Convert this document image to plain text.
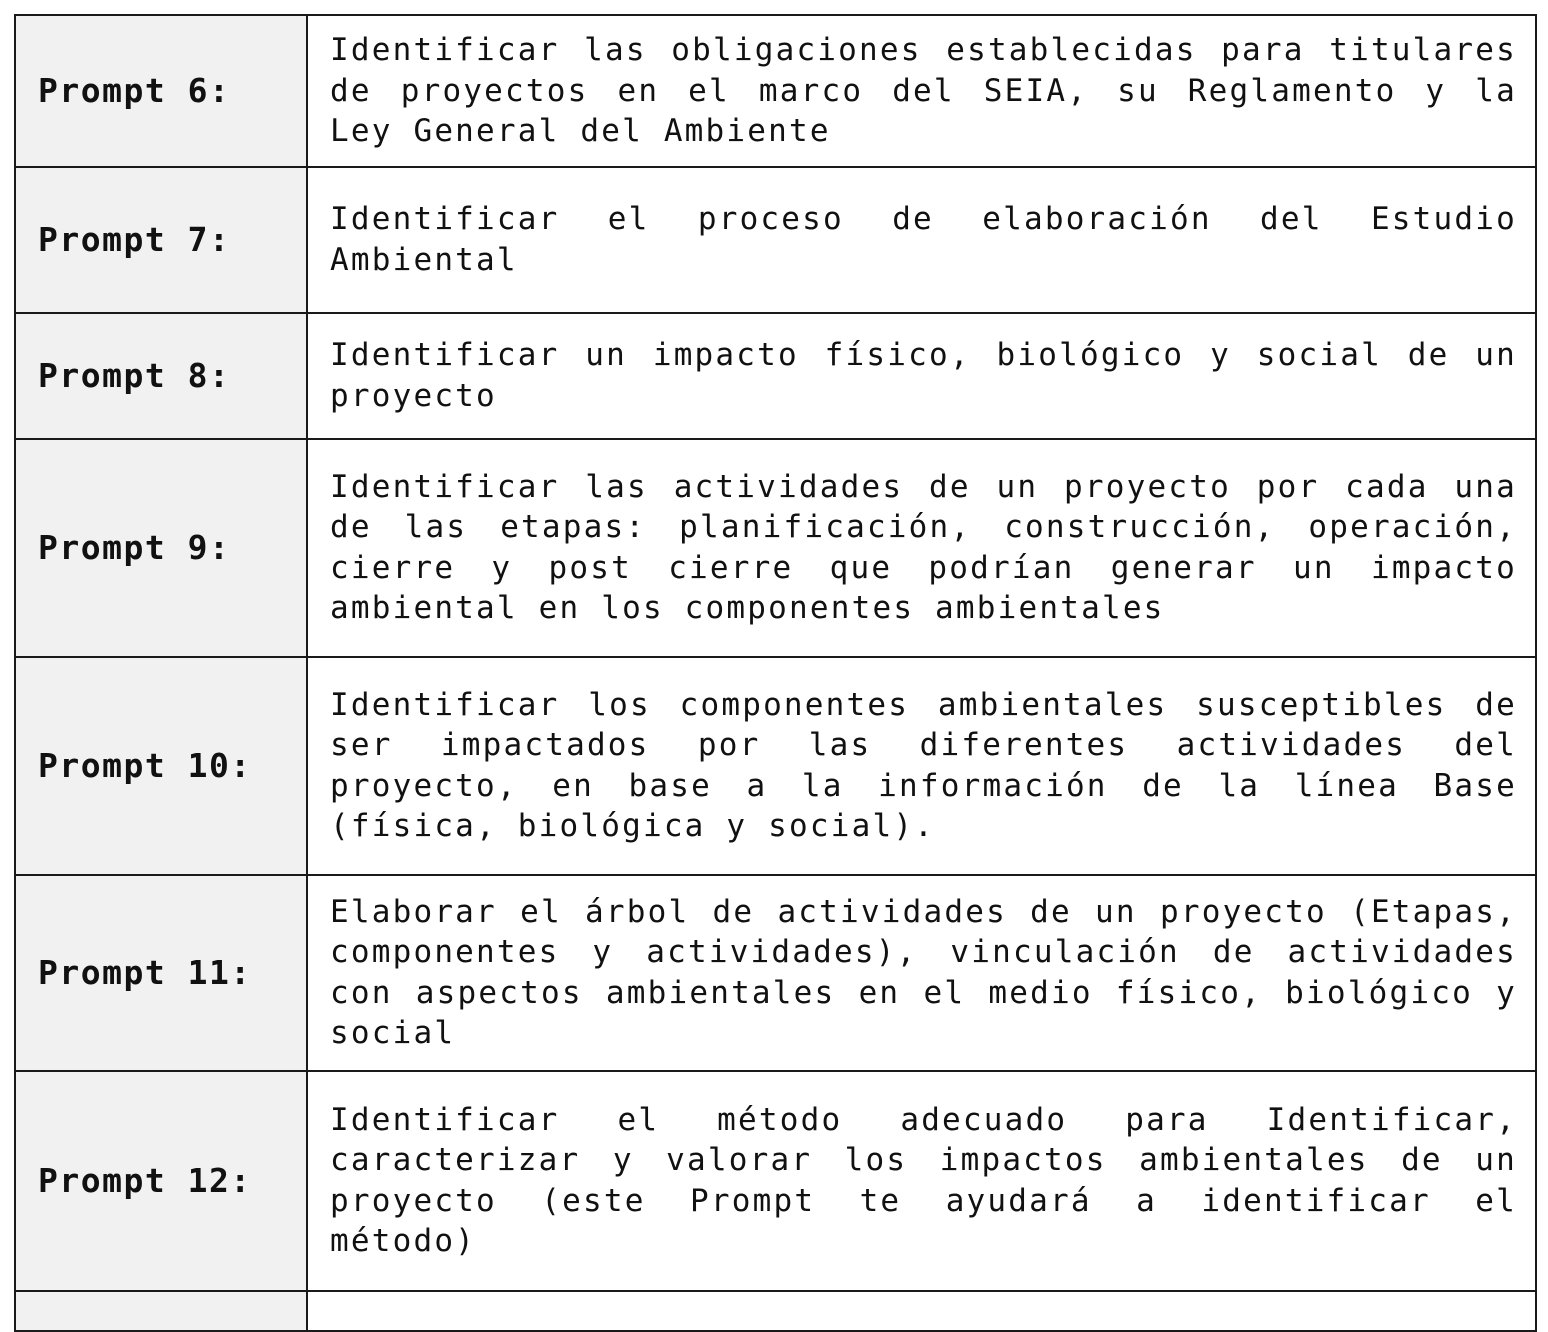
Prompt 6:	Identificar las obligaciones establecidas para titulares de proyectos en el marco del SEIA, su Reglamento y la Ley General del Ambiente
Prompt 7:	Identificar el proceso de elaboración del Estudio Ambiental
Prompt 8:	Identificar un impacto físico, biológico y social de un proyecto
Prompt 9:	Identificar las actividades de un proyecto por cada una de las etapas: planificación, construcción, operación, cierre y post cierre que podrían generar un impacto ambiental en los componentes ambientales
Prompt 10:	Identificar los componentes ambientales susceptibles de ser impactados por las diferentes actividades del proyecto, en base a la información de la línea Base (física, biológica y social).
Prompt 11:	Elaborar el árbol de actividades de un proyecto (Etapas, componentes y actividades), vinculación de actividades con aspectos ambientales en el medio físico, biológico y social
Prompt 12:	Identificar el método adecuado para Identificar, caracterizar y valorar los impactos ambientales de un proyecto (este Prompt te ayudará a identificar el método)
